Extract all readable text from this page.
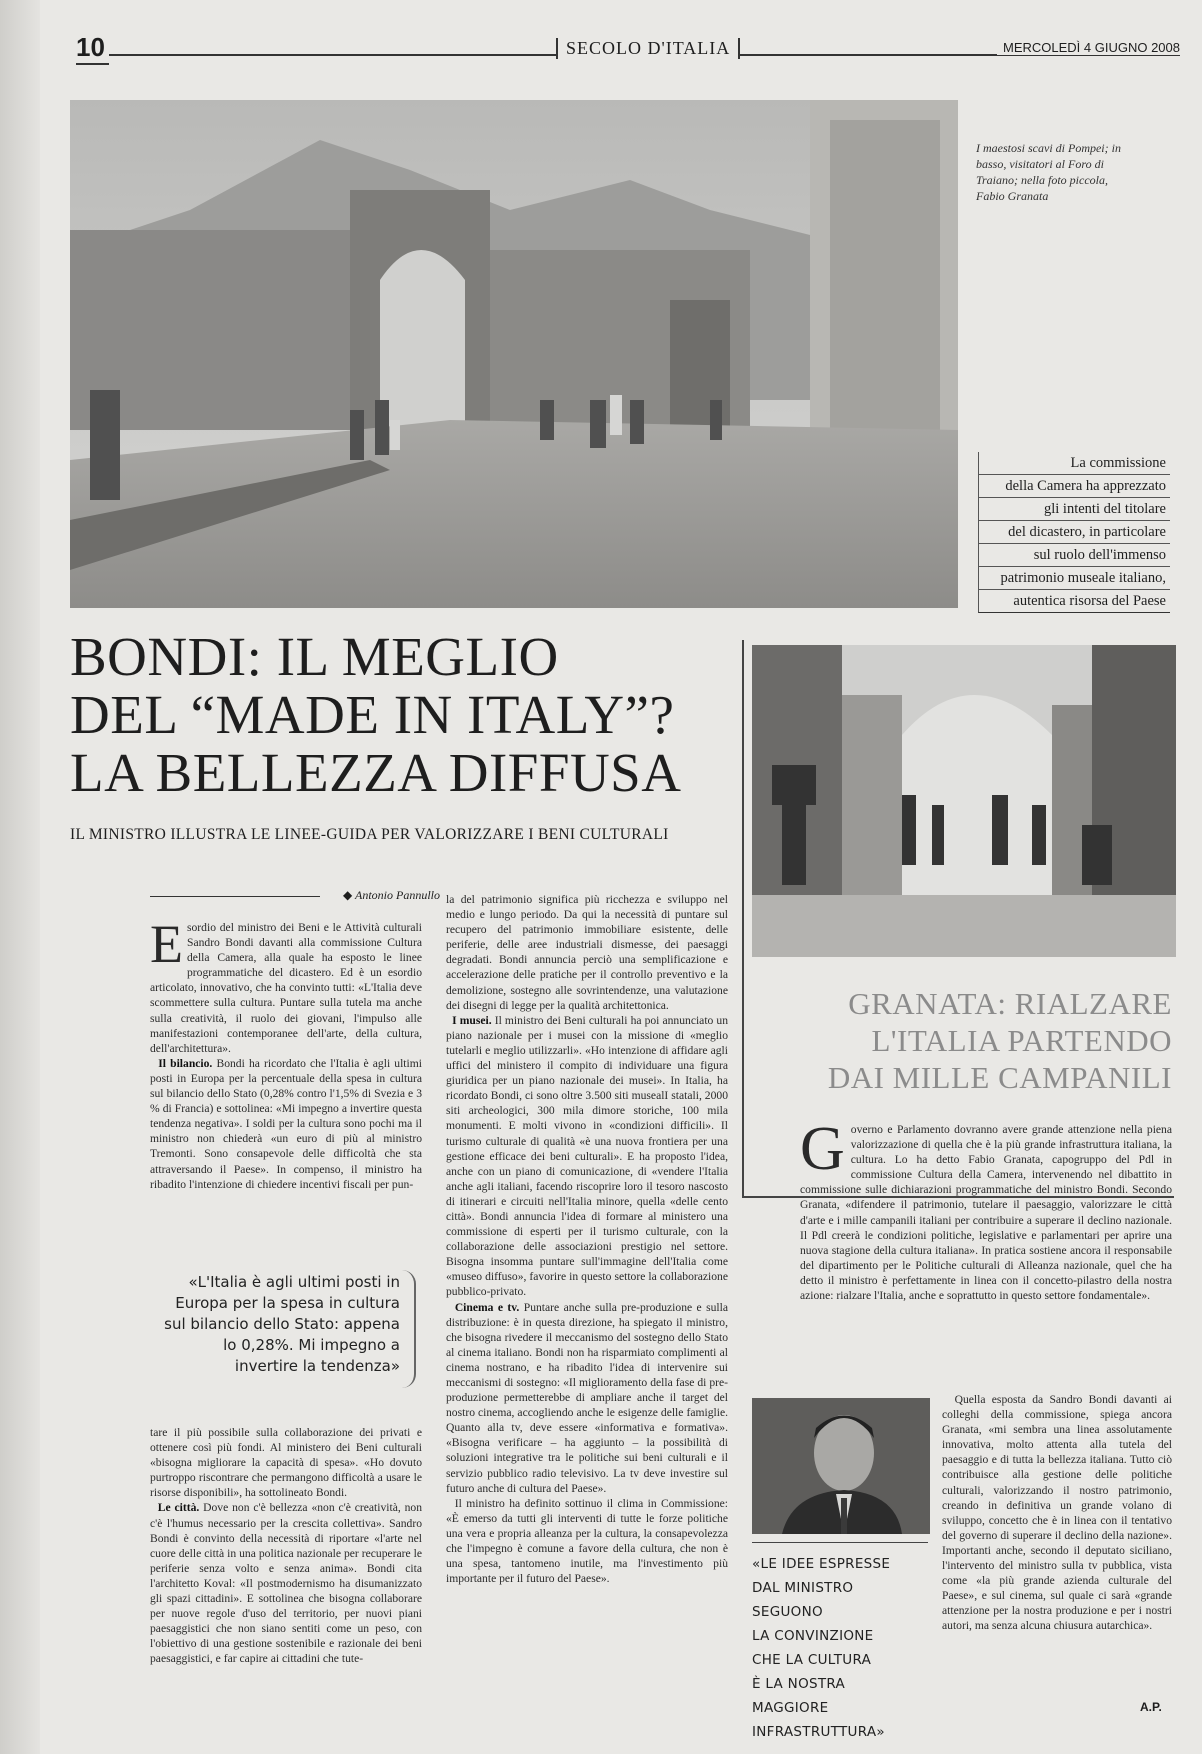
10	SECOLO D'ITALIA	MERCOLEDÌ 4 GIUGNO 2008
I maestosi scavi di Pompei; in basso, visitatori al Foro di Traiano; nella foto piccola, Fabio Granata
La commissione
della Camera ha apprezzato
gli intenti del titolare
del dicastero, in particolare
sul ruolo dell'immenso
patrimonio museale italiano,
autentica risorsa del Paese
BONDI: IL MEGLIO
DEL “MADE IN ITALY”?
LA BELLEZZA DIFFUSA
IL MINISTRO ILLUSTRA LE LINEE-GUIDA PER VALORIZZARE I BENI CULTURALI
◆ Antonio Pannullo

Esordio del ministro dei Beni e le Attività culturali Sandro Bondi davanti alla commissione Cultura della Camera, alla quale ha esposto le linee programmatiche del dicastero. Ed è un esordio articolato, innovativo, che ha convinto tutti: «L'Italia deve scommettere sulla cultura. Puntare sulla tutela ma anche sulla creatività, il ruolo dei giovani, l'impulso alle manifestazioni contemporanee dell'arte, della cultura, dell'architettura».

Il bilancio. Bondi ha ricordato che l'Italia è agli ultimi posti in Europa per la percentuale della spesa in cultura sul bilancio dello Stato (0,28% contro l'1,5% di Svezia e 3 % di Francia) e sottolinea: «Mi impegno a invertire questa tendenza negativa». I soldi per la cultura sono pochi ma il ministro non chiederà «un euro di più al ministro Tremonti. Sono consapevole delle difficoltà che sta attraversando il Paese». In compenso, il ministro ha ribadito l'intenzione di chiedere incentivi fiscali per pun-

«L'Italia è agli ultimi posti in Europa per la spesa in cultura sul bilancio dello Stato: appena lo 0,28%. Mi impegno a invertire la tendenza»

tare il più possibile sulla collaborazione dei privati e ottenere così più fondi. Al ministero dei Beni culturali «bisogna migliorare la capacità di spesa». «Ho dovuto purtroppo riscontrare che permangono difficoltà a usare le risorse disponibili», ha sottolineato Bondi.

Le città. Dove non c'è bellezza «non c'è creatività, non c'è l'humus necessario per la crescita collettiva». Sandro Bondi è convinto della necessità di riportare «l'arte nel cuore delle città in una politica nazionale per recuperare le periferie senza volto e senza anima». Bondi cita l'architetto Koval: «Il postmodernismo ha disumanizzato gli spazi cittadini». E sottolinea che bisogna collaborare per nuove regole d'uso del territorio, per nuovi piani paesaggistici che non siano sentiti come un peso, con l'obiettivo di una gestione sostenibile e razionale dei beni paesaggistici, e far capire ai cittadini che tute-

la del patrimonio significa più ricchezza e sviluppo nel medio e lungo periodo. Da qui la necessità di puntare sul recupero del patrimonio immobiliare esistente, delle periferie, delle aree industriali dismesse, dei paesaggi degradati. Bondi annuncia perciò una semplificazione e accelerazione delle pratiche per il controllo preventivo e la demolizione, sostegno alle sovrintendenze, una valutazione dei disegni di legge per la qualità architettonica.

I musei. Il ministro dei Beni culturali ha poi annunciato un piano nazionale per i musei con la missione di «meglio tutelarli e meglio utilizzarli». «Ho intenzione di affidare agli uffici del ministero il compito di individuare una figura giuridica per un piano nazionale dei musei». In Italia, ha ricordato Bondi, ci sono oltre 3.500 siti musealI statali, 2000 siti archeologici, 300 mila dimore storiche, 100 mila monumenti. E molti vivono in «condizioni difficili». Il turismo culturale di qualità «è una nuova frontiera per una gestione efficace dei beni culturali». E ha proposto l'idea, anche con un piano di comunicazione, di «vendere l'Italia anche agli italiani, facendo riscoprire loro il tesoro nascosto di itinerari e circuiti nell'Italia minore, quella «delle cento città». Bondi annuncia l'idea di formare al ministero una commissione di esperti per il turismo culturale, con la collaborazione delle associazioni prestigio nel settore. Bisogna insomma puntare sull'immagine dell'Italia come «museo diffuso», favorire in questo settore la collaborazione pubblico-privato.

Cinema e tv. Puntare anche sulla pre-produzione e sulla distribuzione: è in questa direzione, ha spiegato il ministro, che bisogna rivedere il meccanismo del sostegno dello Stato al cinema italiano. Bondi non ha risparmiato complimenti al cinema nostrano, e ha ribadito l'idea di intervenire sui meccanismi di sostegno: «Il miglioramento della fase di pre-produzione permetterebbe di ampliare anche il target del nostro cinema, accogliendo anche le esigenze delle famiglie. Quanto alla tv, deve essere «informativa e formativa». «Bisogna verificare – ha aggiunto – la possibilità di soluzioni integrative tra le politiche sui beni culturali e il servizio pubblico radio televisivo. La tv deve investire sul futuro anche di cultura del Paese».

Il ministro ha definito sottinuo il clima in Commissione: «È emerso da tutti gli interventi di tutte le forze politiche una vera e propria alleanza per la cultura, la consapevolezza che l'impegno è comune a favore della cultura, che non è una spesa, tantomeno inutile, ma l'investimento più importante per il futuro del Paese».

GRANATA: RIALZARE
L'ITALIA PARTENDO
DAI MILLE CAMPANILI

Governo e Parlamento dovranno avere grande attenzione nella piena valorizzazione di quella che è la più grande infrastruttura italiana, la cultura. Lo ha detto Fabio Granata, capogruppo del Pdl in commissione Cultura della Camera, intervenendo nel dibattito in commissione sulle dichiarazioni programmatiche del ministro Bondi. Secondo Granata, «difendere il patrimonio, tutelare il paesaggio, valorizzare le città d'arte e i mille campanili italiani per contribuire a superare il declino nazionale. Il Pdl creerà le condizioni politiche, legislative e parlamentari per aprire una nuova stagione della cultura italiana». In pratica sostiene ancora il responsabile del dipartimento per le Politiche culturali di Alleanza nazionale, quel che ha detto il ministro è perfettamente in linea con il concetto-pilastro della nostra azione: rialzare l'Italia, anche e soprattutto in questo settore fondamentale».

«LE IDEE ESPRESSE
DAL MINISTRO SEGUONO
LA CONVINZIONE
CHE LA CULTURA
È LA NOSTRA MAGGIORE
INFRASTRUTTURA»

Quella esposta da Sandro Bondi davanti ai colleghi della commissione, spiega ancora Granata, «mi sembra una linea assolutamente innovativa, molto attenta alla tutela del paesaggio e di tutta la bellezza italiana. Tutto ciò contribuisce alla gestione delle politiche culturali, valorizzando il nostro patrimonio, creando in definitiva un grande volano di sviluppo, concetto che è in linea con il tentativo del governo di superare il declino della nazione». Importanti anche, secondo il deputato siciliano, l'intervento del ministro sulla tv pubblica, vista come «la più grande azienda culturale del Paese», e sul cinema, sul quale ci sarà «grande attenzione per la nostra produzione e per i nostri autori, ma senza alcuna chiusura autarchica».

A.P.
